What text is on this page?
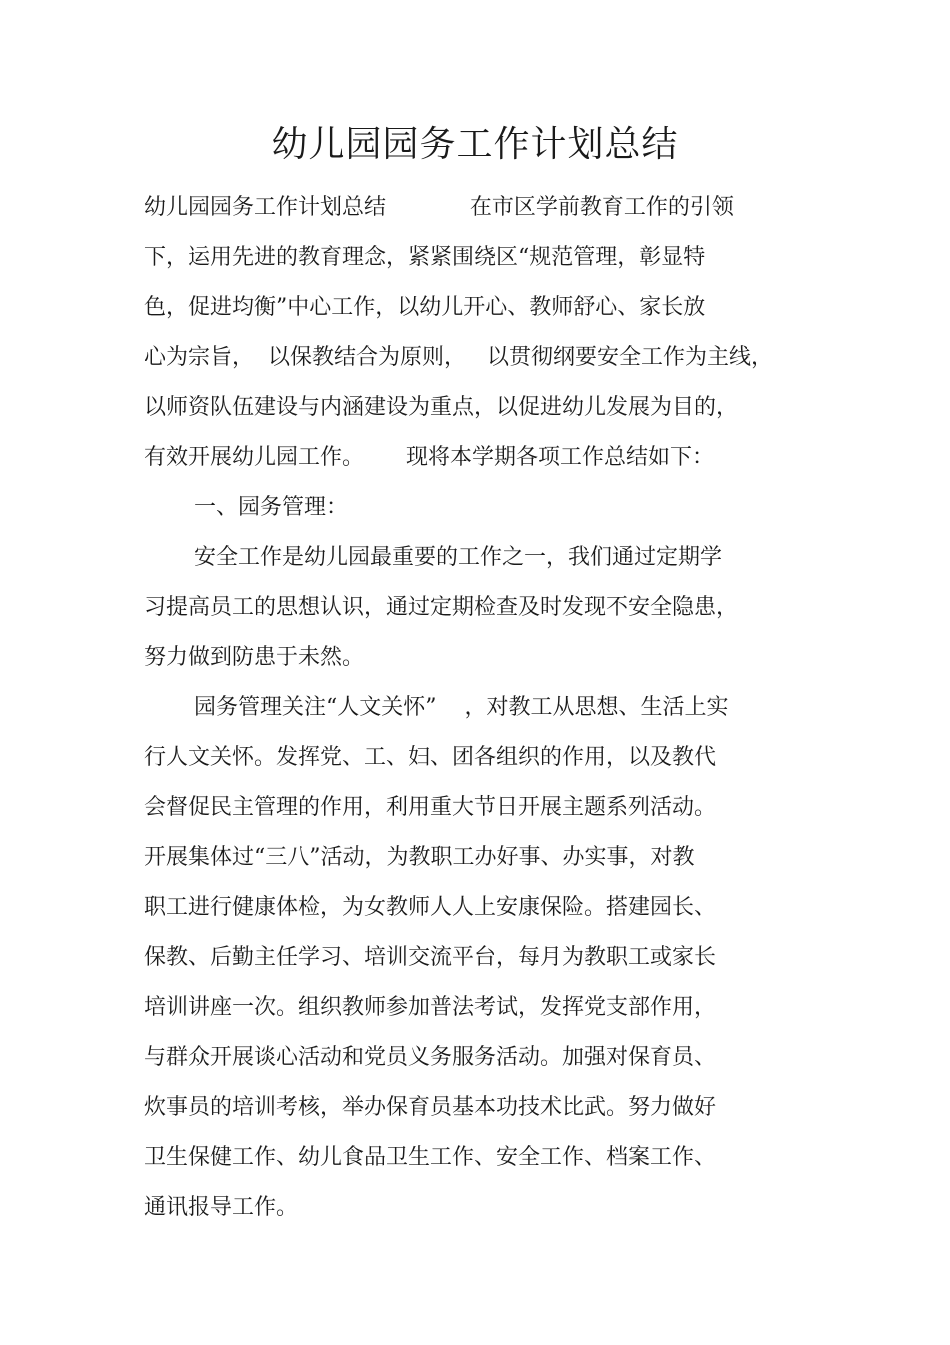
幼儿园园务工作计划总结

幼儿园园务工作计划总结            在市区学前教育工作的引领

下，运用先进的教育理念，紧紧围绕区“规范管理，彰显特

色，促进均衡”中心工作，以幼儿开心、教师舒心、家长放

心为宗旨，  以保教结合为原则，   以贯彻纲要安全工作为主线，

以师资队伍建设与内涵建设为重点，以促进幼儿发展为目的，

有效开展幼儿园工作。      现将本学期各项工作总结如下：

一、园务管理：

安全工作是幼儿园最重要的工作之一，我们通过定期学

习提高员工的思想认识，通过定期检查及时发现不安全隐患，

努力做到防患于未然。

园务管理关注“人文关怀”    ，对教工从思想、生活上实

行人文关怀。发挥党、工、妇、团各组织的作用，以及教代

会督促民主管理的作用，利用重大节日开展主题系列活动。

开展集体过“三八”活动，为教职工办好事、办实事，对教

职工进行健康体检，为女教师人人上安康保险。搭建园长、

保教、后勤主任学习、培训交流平台，每月为教职工或家长

培训讲座一次。组织教师参加普法考试，发挥党支部作用，

与群众开展谈心活动和党员义务服务活动。加强对保育员、

炊事员的培训考核，举办保育员基本功技术比武。努力做好

卫生保健工作、幼儿食品卫生工作、安全工作、档案工作、

通讯报导工作。
